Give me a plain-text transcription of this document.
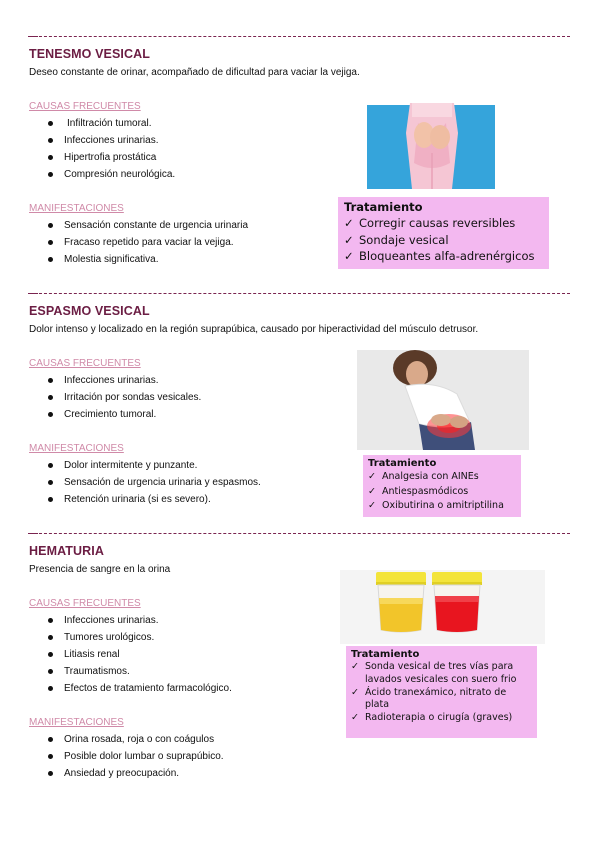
TENESMO VESICAL
Deseo constante de orinar, acompañado de dificultad para vaciar la vejiga.
CAUSAS FRECUENTES
Infiltración tumoral.
Infecciones urinarias.
Hipertrofia prostática
Compresión neurológica.
MANIFESTACIONES
Sensación constante de urgencia urinaria
Fracaso repetido para vaciar la vejiga.
Molestia significativa.
Tratamiento
✓ Corregir causas reversibles
✓ Sondaje vesical
✓ Bloqueantes alfa-adrenérgicos
ESPASMO VESICAL
Dolor intenso y localizado en la región suprapúbica, causado por hiperactividad del músculo detrusor.
CAUSAS FRECUENTES
Infecciones urinarias.
Irritación por sondas vesicales.
Crecimiento tumoral.
MANIFESTACIONES
Dolor intermitente y punzante.
Sensación de urgencia urinaria y espasmos.
Retención urinaria (si es severo).
Tratamiento
✓ Analgesia con AINEs
✓ Antiespasmódicos
✓ Oxibutirina o amitriptilina
HEMATURIA
Presencia de sangre en la orina
CAUSAS FRECUENTES
Infecciones urinarias.
Tumores urológicos.
Litiasis renal
Traumatismos.
Efectos de tratamiento farmacológico.
MANIFESTACIONES
Orina rosada, roja o con coágulos
Posible dolor lumbar o suprapúbico.
Ansiedad y preocupación.
Tratamiento
✓ Sonda vesical de tres vías para lavados vesicales con suero frio
✓ Ácido tranexámico, nitrato de plata
✓ Radioterapia o cirugía (graves)
